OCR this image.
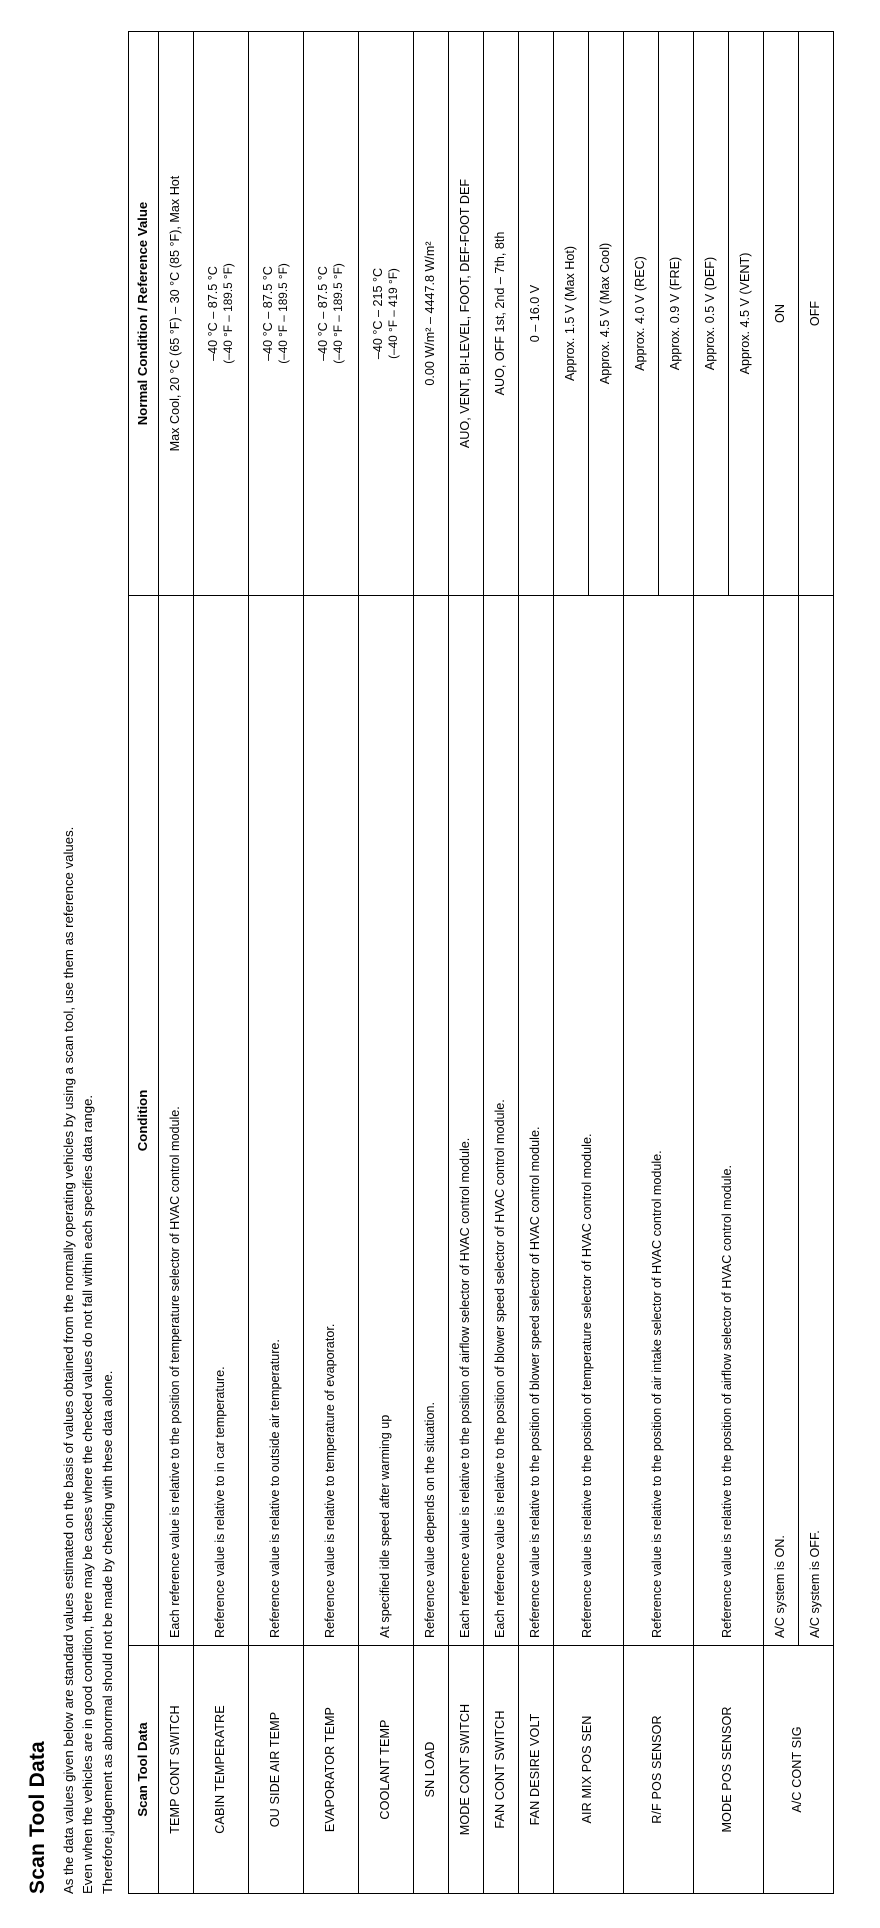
Scan Tool Data As the data values given below are standard values estimated on the basis of values obtained from the normally operating vehicles by using a scan tool, use them as reference values. Even when the vehicles are in good condition, there may be cases where the checked values do not fall within each specifies data range. Therefore,judgement as abnormal should not be made by checking with these data alone. Scan Tool Data	Condition	Normal Condition / Reference Value
TEMP CONT SWITCH	Each reference value is relative to the position of temperature selector of HVAC control module.	Max Cool, 20 °C (65 °F) – 30 °C (85 °F), Max Hot
CABIN TEMPERATRE	Reference value is relative to in car temperature.	–40 °C – 87.5 °C (–40 °F – 189.5 °F)

OU SIDE AIR TEMP	Reference value is relative to outside air temperature.	–40 °C – 87.5 °C (–40 °F – 189.5 °F)

EVAPORATOR TEMP	Reference value is relative to temperature of evaporator.	–40 °C – 87.5 °C (–40 °F – 189.5 °F)

COOLANT TEMP	At specified idle speed after warming up	–40 °C – 215 °C (–40 °F – 419 °F)

SN LOAD	Reference value depends on the situation.	0.00 W/m² – 4447.8 W/m²
MODE CONT SWITCH	Each reference value is relative to the position of airflow selector of HVAC control module.	AUO, VENT, BI-LEVEL, FOOT, DEF-FOOT DEF
FAN CONT SWITCH	Each reference value is relative to the position of blower speed selector of HVAC control module.	AUO, OFF 1st, 2nd – 7th, 8th
FAN DESIRE VOLT	Reference value is relative to the position of blower speed selector of HVAC control module.	0 – 16.0 V
AIR MIX POS SEN	Reference value is relative to the position of temperature selector of HVAC control module.	Approx. 1.5 V (Max Hot)
		Approx. 4.5 V (Max Cool)
R/F POS SENSOR	Reference value is relative to the position of air intake selector of HVAC control module.	Approx. 4.0 V (REC)
		Approx. 0.9 V (FRE)
MODE POS SENSOR	Reference value is relative to the position of airflow selector of HVAC control module.	Approx. 0.5 V (DEF)
		Approx. 4.5 V (VENT)
A/C CONT SIG	A/C system is ON.	ON
	A/C system is OFF.	OFF
